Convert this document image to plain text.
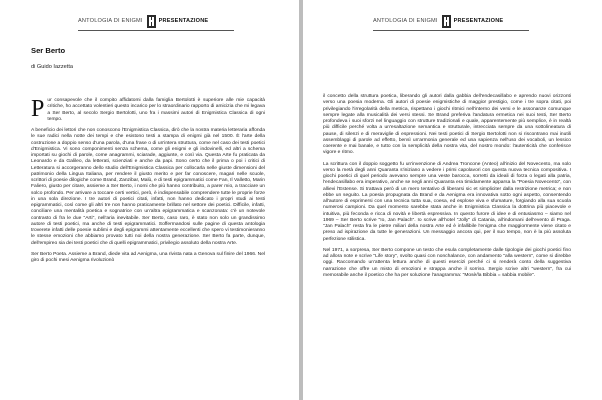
ANTOLOGIA DI ENIGMI	PRESENTAZIONE
Ser Berto
di Guido Iazzetta

Pur consapevole che il compito affidatomi dalla famiglia Bertolotti è superiore alle mie capacità critiche, ho accettato volentieri questo incarico per lo straordinario rapporto di amicizia che mi legava a Ser Berto, al secolo Sergio Bertolotti, uno fra i massimi autori di Enigmistica Classica di ogni tempo.

A beneficio dei lettori che non conoscono l'Enigmistica Classica, dirò che la nostra materia letteraria affonda le sue radici nella notte dei tempi e che esistono testi a stampa di enigmi già nel 1500. È l'arte della costruzione a doppio senso d'una parola, d'una frase o di un'intera struttura, come nel caso dei testi poetici d'Enigmistica. Vi sono componimenti senza schema, come gli enigmi e gli indovinelli, ed altri a schema importati su giochi di parole, come anagrammi, sciarade, aggiunte, e così via. Questa Arte fu praticata da Leonardo e da Galileo, da letterati, scienziati e anche da papi. Sono certo che il prima o poi i critici di Letteratura si accorgeranno dello studio dell'Enigmistica Classica per collocarla nelle giuste dimensioni del patrimonio della Lingua Italiana, per rendere il giusto merito e per far conoscere, magari nelle scuole, scrittori di poesie dilogiche come Brand, Zanzibar, Malù, e di testi epigrammatici come Fan, Il Valletto, Marin Faliero, giusto per citare, assieme a Ser Berto, i nomi che più hanno contribuito, a parer mio, a tracciare un solco profondo. Per arrivare a toccare certi vertici, però, è indispensabile comprendere tutte le proprie forze in una sola direzione. I tre autori di poetici citati, infatti, non hanno dedicato i propri studi ai testi epigrammatici, così come gli altri tre non hanno praticamente brillato nel settore dei poetici. Difficile, infatti, conciliare una mentalità poetica e sognatrice con un'altra epigrammatica e scanzonata: c'è un notevole contrasto di fra le due "Arti", nell'aria inevitabile. Ser Berto, caso raro, è stato non solo un grandissimo autore di testi poetici, ma anche di testi epigrammatici. Soffermandosi sulle pagine di questa antologia troverete infatti delle poesie sublimi e degli epigrammi attentamente eccellenti che spero vi testimonieranno le stesse emozioni che abbiamo provato tutti noi della nostra generazione. Ser Berto fa parte, dunque, dell'empireo sia dei testi poetici che di quelli epigrammatici, privilegio assoluto della nostra Arte.

Ser Berto Poeta. Assieme a Brand, diede vita ad Aenigma, una rivista nata a Genova sul finire del 1966. Nel giro di pochi mesi Aenigma rivoluzionò

ANTOLOGIA DI ENIGMI	PRESENTAZIONE

il concetto della struttura poetica, liberando gli autori dalla gabbia dell'endecasillabo e aprendo nuovi orizzonti verso una poesia moderna. Gli autori di poesie enigmistiche di maggior prestigio, come i tre sopra citati, poi privilegiando l'irregolarità della metrica, rispettano i giochi ritmici nell'interno dei versi e le assonanze comunque sempre legate alla musicalità dei versi stessi. Se Brand preferiva l'andatura ermetica nei suoi testi, Ser Berto profondeva i suoi sforzi nel linguaggio con strutture tradizionali e quale, apparentemente più semplice, è in realtà più difficile perché volta a un'esaltazione semantica e strutturale, intrecciata sempre da una sottolineatura di pause, di silenzi e di meraviglie di espressioni. Nei testi poetici di Sergio Bertolotti non si riscontrano mai inutili assemblaggi di parole ad effetto, bensì un'armonia generale ed una sapienza nell'uso dei vocaboli, un lessico coerente e mai banale, e tutto con la semplicità della nostra vita, del nostro mondo: l'autenticità che conferisce vigore e ritmo.

La scrittura con il doppio soggetto fu un'invenzione di Andrea Troncone (Anteo) all'inizio del Novecento, ma solo verso la metà degli anni Quaranta s'iniziano a vedere i primi capolavori con questa nuova tecnica compositiva. I giochi poetici di quel periodo avevano sempre una veste barocca, sorretti da ideali di forza o legati alla patria, l'endecasillabo era imperativo, anche se negli anni Quaranta era timidamente apparsa la "Poesia Novecento", con allievi l'Estense. Si trattava però di un mero tentativo di liberarsi sic et simpliciter dalla restrizione metrica; e non ebbe un seguito. La poesia propugnata da Brand e da Aenigma era innovativa sotto ogni aspetto, consentendo all'autore di esprimersi con una tecnica tutta sua, coesa, ed esplose viva e sfumature, forgiando alla sua scuola numerosi campioni. Da quel momento sarebbe stata anche in Enigmistica Classica la dottrina più piacevole e intuitiva, più feconda e ricca di novità e libertà espressiva. In questo furore di idee e di entusiasmo – siamo nel 1969 – Ser Berto scrive "Io, Jan Palach". Io scrive all'hotel "Jolly" di Catania, all'indomani dell'evento di Praga. "Jan Palach" resta fra le pietre miliari della nostra Arte ed è infallibile l'enigma che maggiormente viene citato e preso ad ispirazione da tutte le generazioni. Un messaggio ancora qui, per il suo tempo, non è la più assoluta perfezione stilistica.

Nel 1971, a sorpresa, Ser Berto compone un testo che esula completamente dalle tipologie dei giochi poetici fino ad allora note e scrive "Life story", svolto quasi con nonchalance, con andamento "alla western", come si direbbe oggi. Raccomando un'attenta lettura anche di questi esercizi perché ci si renderà conto della suggestiva narrazione che offre un misto di emozioni e strappa anche il sorriso. Sergio scrive altri "western", fra cui memorabile anche il poetico che ha per soluzione l'anagramma: "Mosè/la Bibbia = sabbia mobile".
